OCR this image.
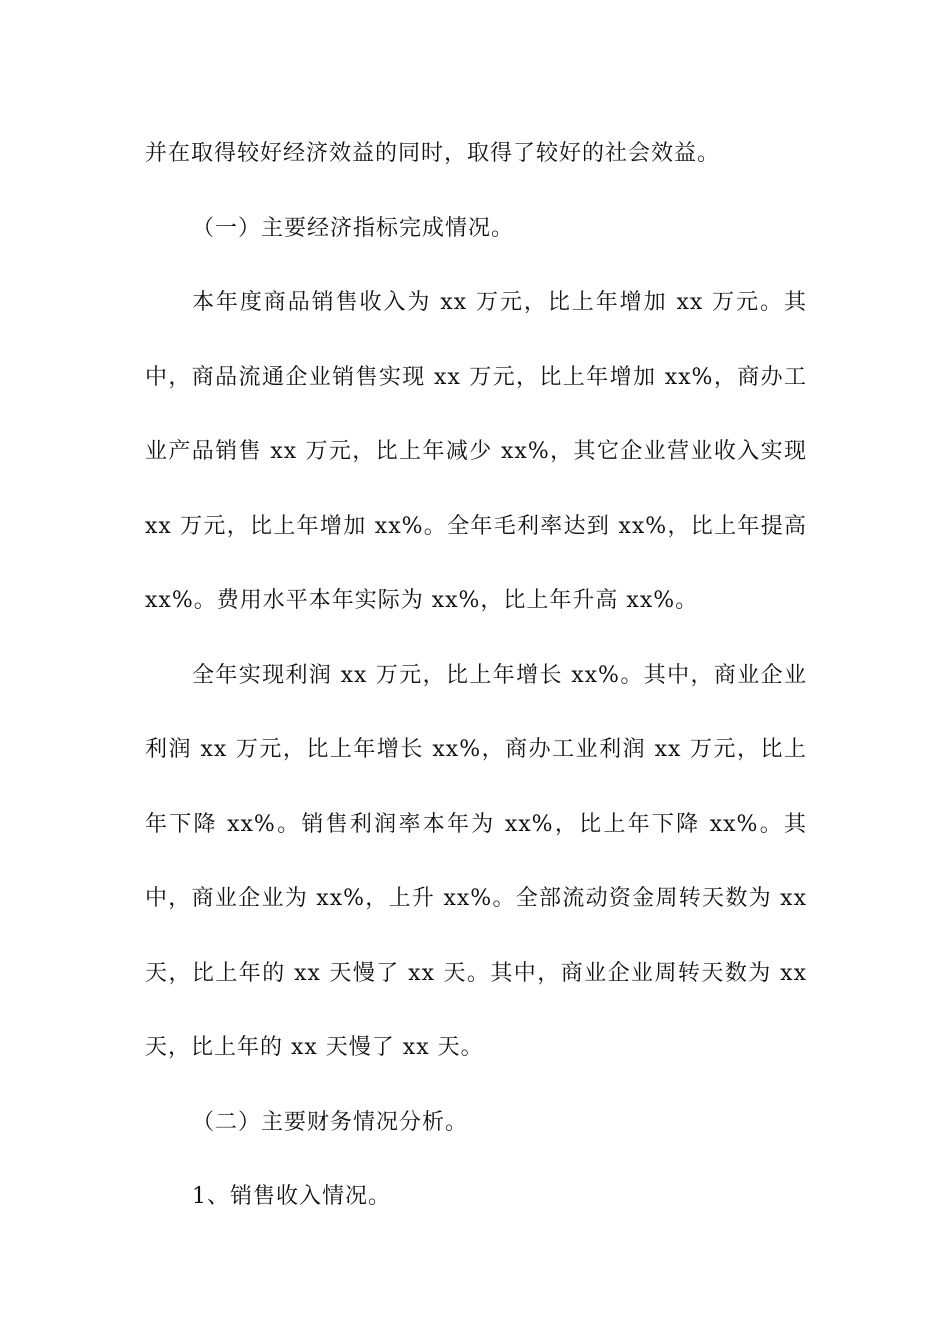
并在取得较好经济效益的同时，取得了较好的社会效益。

（一）主要经济指标完成情况。

本年度商品销售收入为 xx 万元，比上年增加 xx 万元。其中，商品流通企业销售实现 xx 万元，比上年增加 xx%，商办工业产品销售 xx 万元，比上年减少 xx%，其它企业营业收入实现 xx 万元，比上年增加 xx%。全年毛利率达到 xx%，比上年提高 xx%。费用水平本年实际为 xx%，比上年升高 xx%。

全年实现利润 xx 万元，比上年增长 xx%。其中，商业企业利润 xx 万元，比上年增长 xx%，商办工业利润 xx 万元，比上年下降 xx%。销售利润率本年为 xx%，比上年下降 xx%。其中，商业企业为 xx%，上升 xx%。全部流动资金周转天数为 xx 天，比上年的 xx 天慢了 xx 天。其中，商业企业周转天数为 xx 天，比上年的 xx 天慢了 xx 天。

（二）主要财务情况分析。

1、销售收入情况。
